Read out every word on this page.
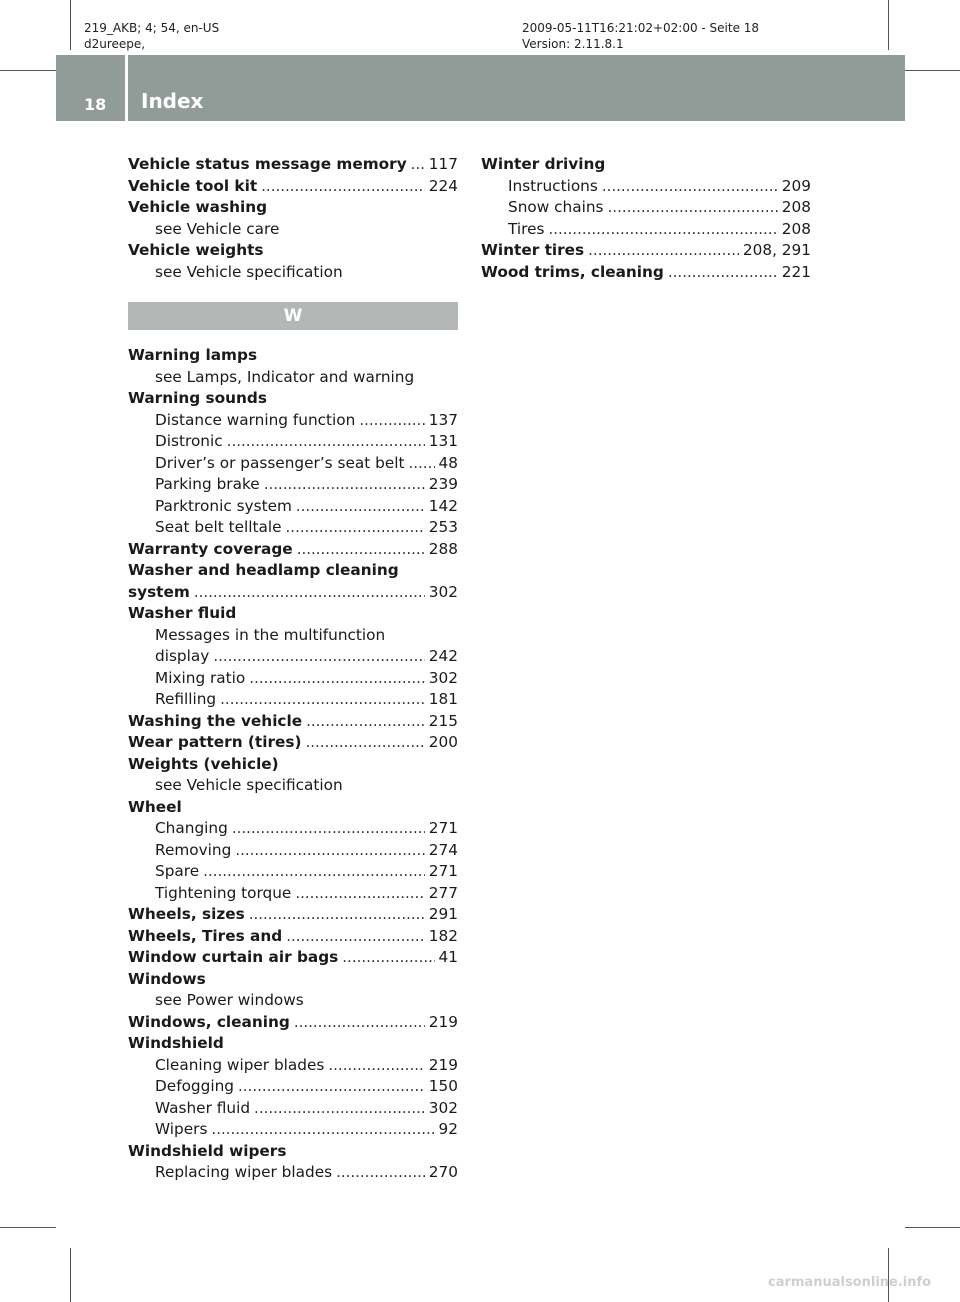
219_AKB; 4; 54, en-US
d2ureepe,
2009-05-11T16:21:02+02:00 - Seite 18
Version: 2.11.8.1
18 Index
Vehicle status message memory ..... 117
Vehicle tool kit .....	224
Vehicle washing
see Vehicle care
Vehicle weights
see Vehicle specification
W
Warning lamps
see Lamps, Indicator and warning
Warning sounds
Distance warning function .....	137
Distronic .....	131
Driver’s or passenger’s seat belt ..... 48
Parking brake .....	239
Parktronic system .....	142
Seat belt telltale .....	253
Warranty coverage .....	288
Washer and headlamp cleaning
system .....	302
Washer fluid
Messages in the multifunction
display .....	242
Mixing ratio .....	302
Refilling .....	181
Washing the vehicle .....	215
Wear pattern (tires) .....	200
Weights (vehicle)
see Vehicle specification
Wheel
Changing .....	271
Removing .....	274
Spare .....	271
Tightening torque .....	277
Wheels, sizes .....	291
Wheels, Tires and .....	182
Window curtain air bags .....	41
Windows
see Power windows
Windows, cleaning .....	219
Windshield
Cleaning wiper blades .....	219
Defogging .....	150
Washer fluid .....	302
Wipers .....	92
Windshield wipers
Replacing wiper blades .....	270
Winter driving
Instructions .....	209
Snow chains .....	208
Tires .....	208
Winter tires .....	208, 291
Wood trims, cleaning .....	221
carmanualsonline.info
